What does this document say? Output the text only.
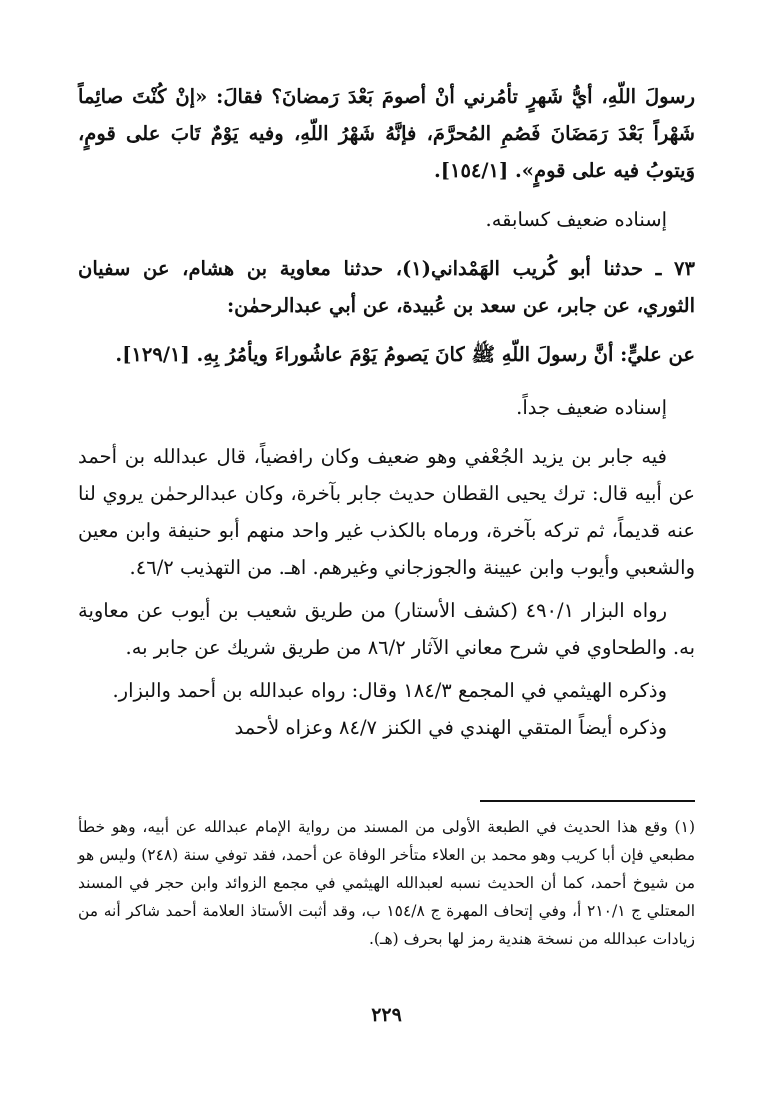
رسولَ اللّهِ، أيُّ شَهرٍ تأمُرني أنْ أصومَ بَعْدَ رَمضانَ؟ فقالَ: «إنْ كُنْتَ صائِماً شَهْراً بَعْدَ رَمَضَانَ فَصُمِ المُحرَّمَ، فإنَّهُ شَهْرُ اللّهِ، وفيه يَوْمٌ تَابَ على قومٍ، وَيتوبُ فيه على قومٍ». [١٥٤/١].

إسناده ضعيف كسابقه.

٧٣ ـ حدثنا أبو كُريب الهَمْداني(١)، حدثنا معاوية بن هشام، عن سفيان الثوري، عن جابر، عن سعد بن عُبيدة، عن أبي عبدالرحمٰن:

عن عليٍّ: أنَّ رسولَ اللّهِ ﷺ كانَ يَصومُ يَوْمَ عاشُوراءَ ويأمُرُ بِهِ. [١٢٩/١].

إسناده ضعيف جداً.

فيه جابر بن يزيد الجُعْفي وهو ضعيف وكان رافضياً، قال عبدالله بن أحمد عن أبيه قال: ترك يحيى القطان حديث جابر بآخرة، وكان عبدالرحمٰن يروي لنا عنه قديماً، ثم تركه بآخرة، ورماه بالكذب غير واحد منهم أبو حنيفة وابن معين والشعبي وأيوب وابن عيينة والجوزجاني وغيرهم. اهـ. من التهذيب ٤٦/٢.

رواه البزار ٤٩٠/١ (كشف الأستار) من طريق شعيب بن أيوب عن معاوية به. والطحاوي في شرح معاني الآثار ٨٦/٢ من طريق شريك عن جابر به.

وذكره الهيثمي في المجمع ١٨٤/٣ وقال: رواه عبدالله بن أحمد والبزار.

وذكره أيضاً المتقي الهندي في الكنز ٨٤/٧ وعزاه لأحمد

(١) وقع هذا الحديث في الطبعة الأولى من المسند من رواية الإمام عبدالله عن أبيه، وهو خطأ مطبعي فإن أبا كريب وهو محمد بن العلاء متأخر الوفاة عن أحمد، فقد توفي سنة (٢٤٨) وليس هو من شيوخ أحمد، كما أن الحديث نسبه لعبدالله الهيثمي في مجمع الزوائد وابن حجر في المسند المعتلي ج ٢١٠/١ أ، وفي إتحاف المهرة ج ١٥٤/٨ ب، وقد أثبت الأستاذ العلامة أحمد شاكر أنه من زيادات عبدالله من نسخة هندية رمز لها بحرف (هـ).

٢٢٩
